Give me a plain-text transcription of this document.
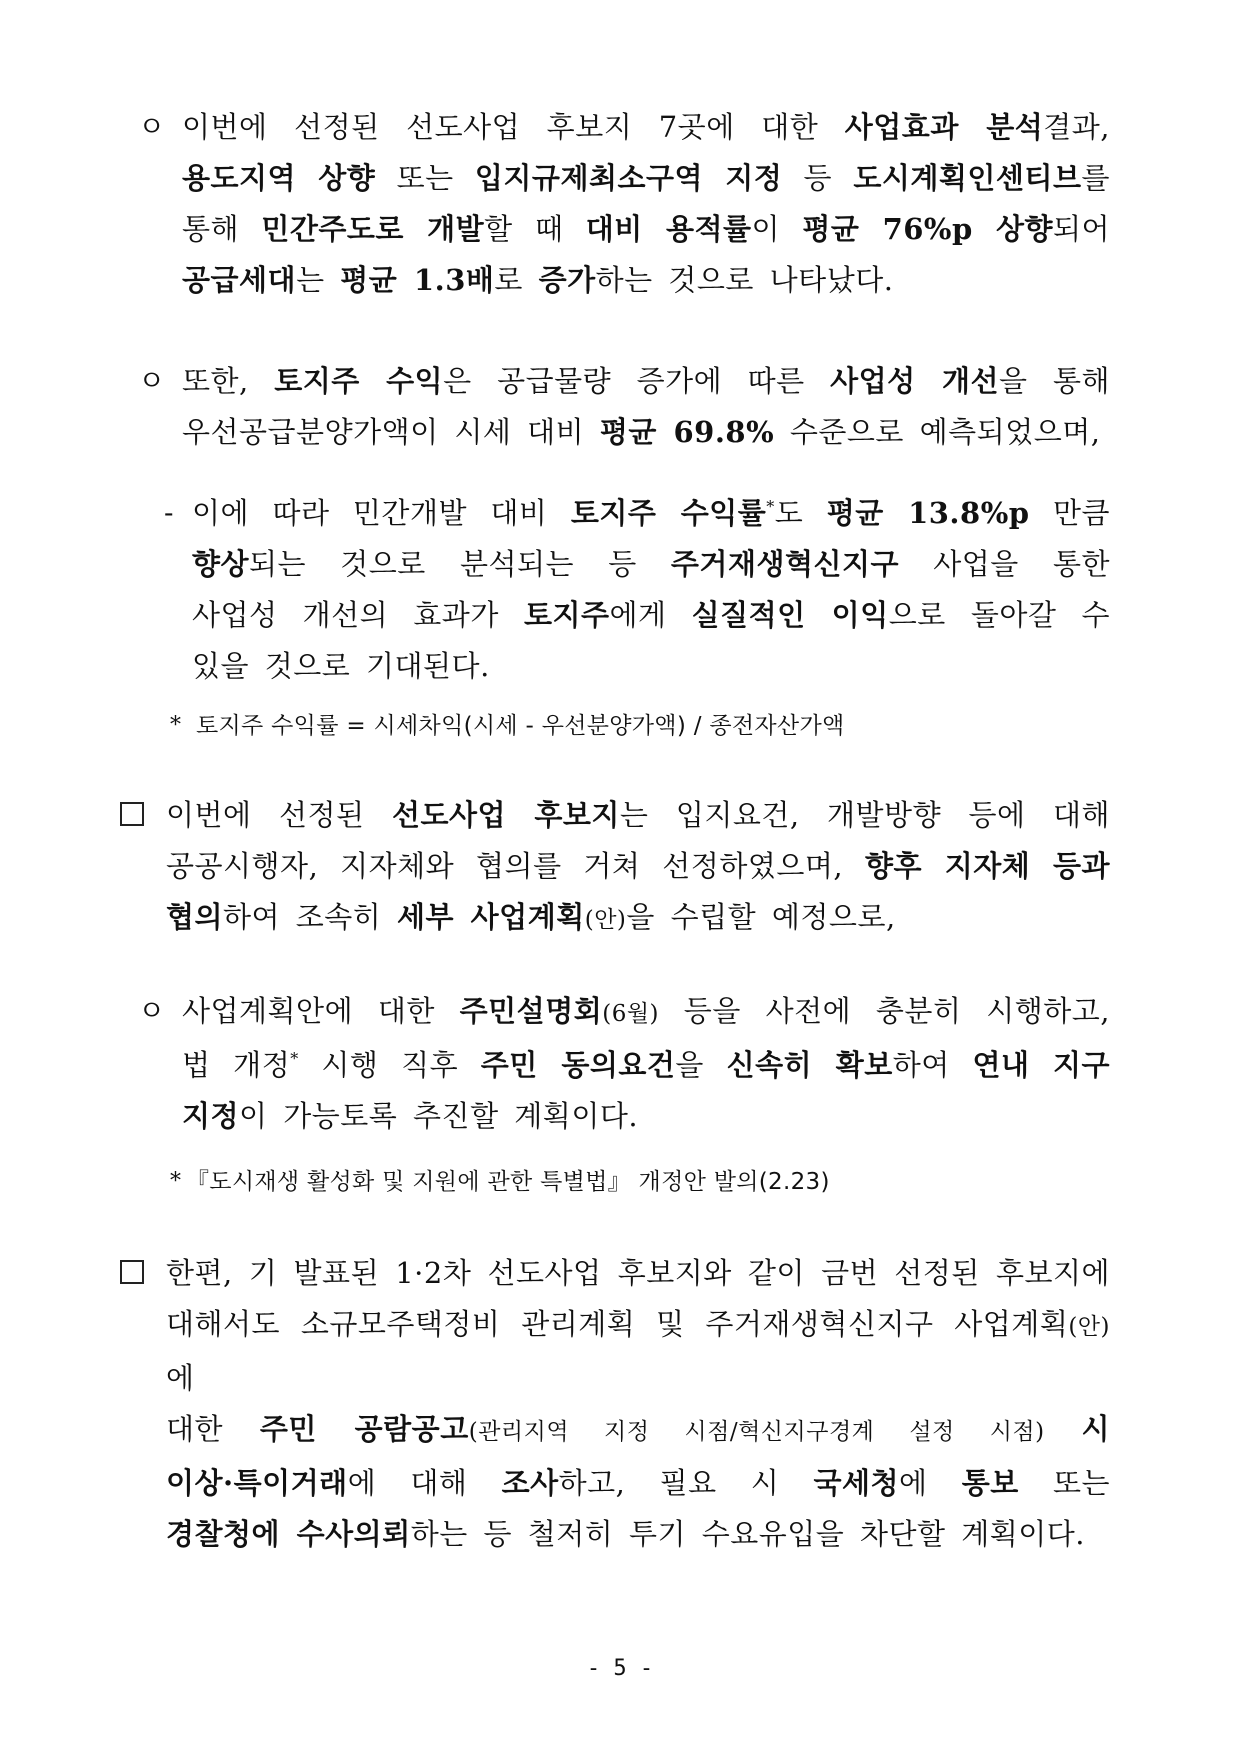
ㅇ 이번에 선정된 선도사업 후보지 7곳에 대한 사업효과 분석결과,
용도지역 상향 또는 입지규제최소구역 지정 등 도시계획인센티브를
통해 민간주도로 개발할 때 대비 용적률이 평균 76%p 상향되어
공급세대는 평균 1.3배로 증가하는 것으로 나타났다.
ㅇ 또한, 토지주 수익은 공급물량 증가에 따른 사업성 개선을 통해
우선공급분양가액이 시세 대비 평균 69.8% 수준으로 예측되었으며,
- 이에 따라 민간개발 대비 토지주 수익률*도 평균 13.8%p 만큼
향상되는 것으로 분석되는 등 주거재생혁신지구 사업을 통한
사업성 개선의 효과가 토지주에게 실질적인 이익으로 돌아갈 수
있을 것으로 기대된다.
* 토지주 수익률 = 시세차익(시세 - 우선분양가액) / 종전자산가액
이번에 선정된 선도사업 후보지는 입지요건, 개발방향 등에 대해
공공시행자, 지자체와 협의를 거쳐 선정하였으며, 향후 지자체 등과
협의하여 조속히 세부 사업계획(안)을 수립할 예정으로,
ㅇ 사업계획안에 대한 주민설명회(6월) 등을 사전에 충분히 시행하고,
법 개정* 시행 직후 주민 동의요건을 신속히 확보하여 연내 지구
지정이 가능토록 추진할 계획이다.
* 『도시재생 활성화 및 지원에 관한 특별법』 개정안 발의(2.23)
한편, 기 발표된 1·2차 선도사업 후보지와 같이 금번 선정된 후보지에
대해서도 소규모주택정비 관리계획 및 주거재생혁신지구 사업계획(안)에
대한 주민 공람공고(관리지역 지정 시점/혁신지구경계 설정 시점) 시
이상·특이거래에 대해 조사하고, 필요 시 국세청에 통보 또는
경찰청에 수사의뢰하는 등 철저히 투기 수요유입을 차단할 계획이다.
- 5 -
